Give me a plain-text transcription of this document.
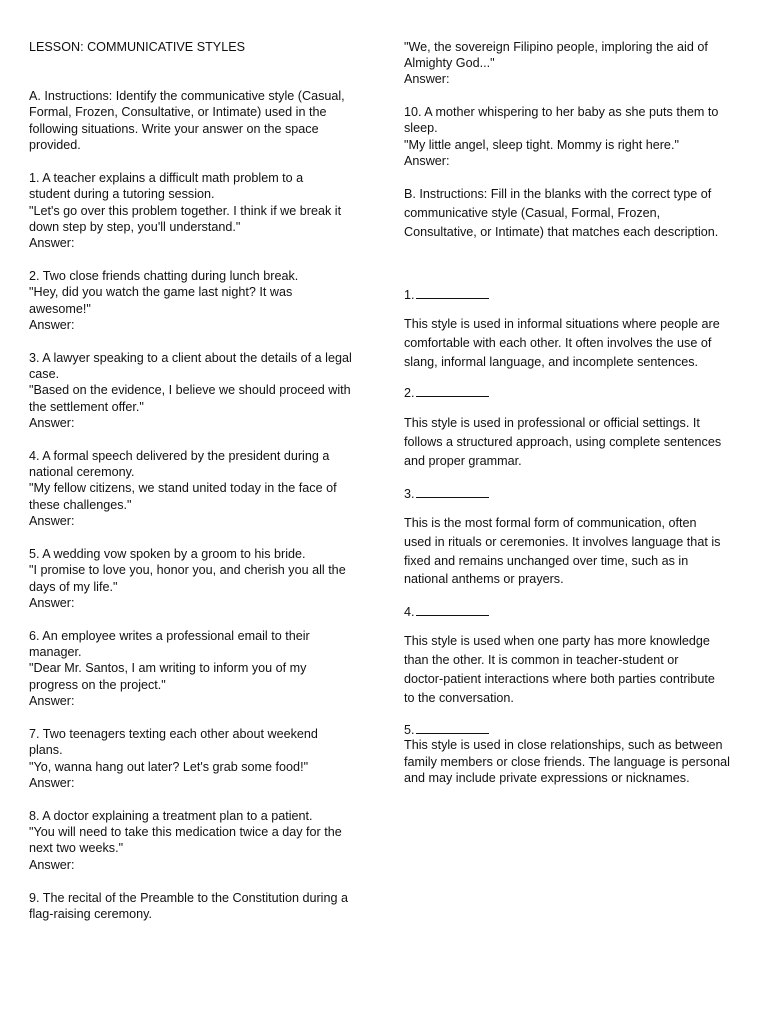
LESSON: COMMUNICATIVE STYLES
A. Instructions: Identify the communicative style (Casual,
Formal, Frozen, Consultative, or Intimate) used in the
following situations. Write your answer on the space
provided.
1. A teacher explains a difficult math problem to a
student during a tutoring session.
"Let's go over this problem together. I think if we break it
down step by step, you'll understand."
Answer:
2. Two close friends chatting during lunch break.
"Hey, did you watch the game last night? It was
awesome!"
Answer:
3. A lawyer speaking to a client about the details of a legal
case.
"Based on the evidence, I believe we should proceed with
the settlement offer."
Answer:
4. A formal speech delivered by the president during a
national ceremony.
"My fellow citizens, we stand united today in the face of
these challenges."
Answer:
5. A wedding vow spoken by a groom to his bride.
"I promise to love you, honor you, and cherish you all the
days of my life."
Answer:
6. An employee writes a professional email to their
manager.
"Dear Mr. Santos, I am writing to inform you of my
progress on the project."
Answer:
7. Two teenagers texting each other about weekend
plans.
"Yo, wanna hang out later? Let's grab some food!"
Answer:
8. A doctor explaining a treatment plan to a patient.
"You will need to take this medication twice a day for the
next two weeks."
Answer:
9. The recital of the Preamble to the Constitution during a
flag-raising ceremony.
"We, the sovereign Filipino people, imploring the aid of
Almighty God..."
Answer:
10. A mother whispering to her baby as she puts them to
sleep.
"My little angel, sleep tight. Mommy is right here."
Answer:
B. Instructions: Fill in the blanks with the correct type of
communicative style (Casual, Formal, Frozen,
Consultative, or Intimate) that matches each description.
1.
This style is used in informal situations where people are
comfortable with each other. It often involves the use of
slang, informal language, and incomplete sentences.
2.
This style is used in professional or official settings. It
follows a structured approach, using complete sentences
and proper grammar.
3.
This is the most formal form of communication, often
used in rituals or ceremonies. It involves language that is
fixed and remains unchanged over time, such as in
national anthems or prayers.
4.
This style is used when one party has more knowledge
than the other. It is common in teacher-student or
doctor-patient interactions where both parties contribute
to the conversation.
5.
This style is used in close relationships, such as between
family members or close friends. The language is personal
and may include private expressions or nicknames.
